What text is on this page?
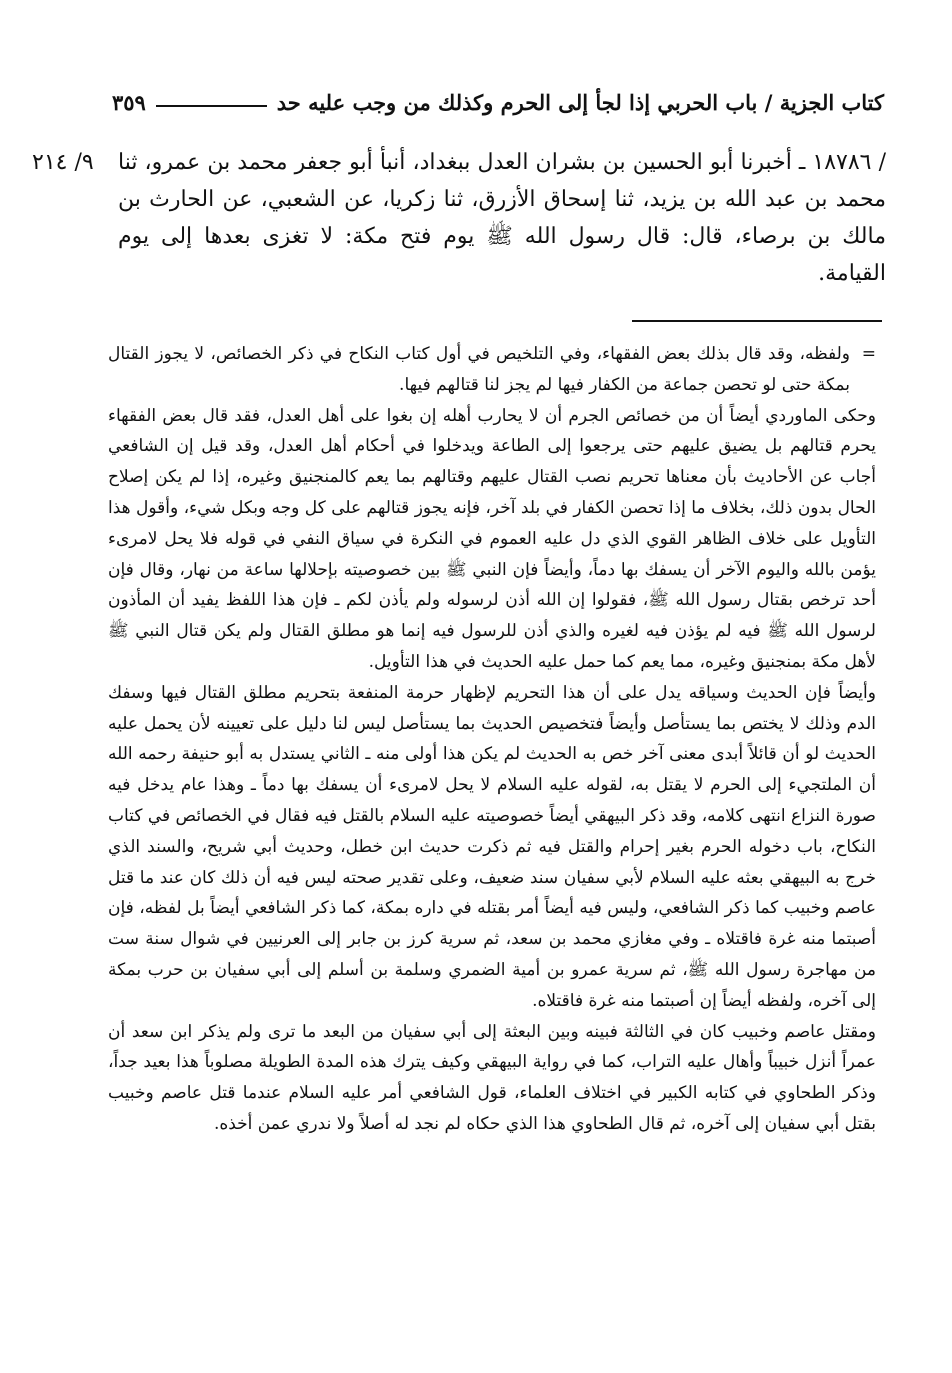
كتاب الجزية / باب الحربي إذا لجأ إلى الحرم وكذلك من وجب عليه حد
٣٥٩
٩/ ٢١٤	/ ١٨٧٨٦ ـ أخبرنا أبو الحسين بن بشران العدل ببغداد، أنبأ أبو جعفر محمد بن عمرو، ثنا محمد بن عبد الله بن يزيد، ثنا إسحاق الأزرق، ثنا زكريا، عن الشعبي، عن الحارث بن مالك بن برصاء، قال: قال رسول الله ﷺ يوم فتح مكة: لا تغزى بعدها إلى يوم القيامة.

=
ولفظه، وقد قال بذلك بعض الفقهاء، وفي التلخيص في أول كتاب النكاح في ذكر الخصائص، لا يجوز القتال بمكة حتى لو تحصن جماعة من الكفار فيها لم يجز لنا قتالهم فيها.

وحكى الماوردي أيضاً أن من خصائص الجرم أن لا يحارب أهله إن بغوا على أهل العدل، فقد قال بعض الفقهاء يحرم قتالهم بل يضيق عليهم حتى يرجعوا إلى الطاعة ويدخلوا في أحكام أهل العدل، وقد قيل إن الشافعي أجاب عن الأحاديث بأن معناها تحريم نصب القتال عليهم وقتالهم بما يعم كالمنجنيق وغيره، إذا لم يكن إصلاح الحال بدون ذلك، بخلاف ما إذا تحصن الكفار في بلد آخر، فإنه يجوز قتالهم على كل وجه وبكل شيء، وأقول هذا التأويل على خلاف الظاهر القوي الذي دل عليه العموم في النكرة في سياق النفي في قوله فلا يحل لامرىء يؤمن بالله واليوم الآخر أن يسفك بها دماً، وأيضاً فإن النبي ﷺ بين خصوصيته بإحلالها ساعة من نهار، وقال فإن أحد ترخص بقتال رسول الله ﷺ، فقولوا إن الله أذن لرسوله ولم يأذن لكم ـ فإن هذا اللفظ يفيد أن المأذون لرسول الله ﷺ فيه لم يؤذن فيه لغيره والذي أذن للرسول فيه إنما هو مطلق القتال ولم يكن قتال النبي ﷺ لأهل مكة بمنجنيق وغيره، مما يعم كما حمل عليه الحديث في هذا التأويل.

وأيضاً فإن الحديث وسياقه يدل على أن هذا التحريم لإظهار حرمة المنفعة بتحريم مطلق القتال فيها وسفك الدم وذلك لا يختص بما يستأصل وأيضاً فتخصيص الحديث بما يستأصل ليس لنا دليل على تعيينه لأن يحمل عليه الحديث لو أن قائلاً أبدى معنى آخر خص به الحديث لم يكن هذا أولى منه ـ الثاني يستدل به أبو حنيفة رحمه الله أن الملتجيء إلى الحرم لا يقتل به، لقوله عليه السلام لا يحل لامرىء أن يسفك بها دماً ـ وهذا عام يدخل فيه صورة النزاع انتهى كلامه، وقد ذكر البيهقي أيضاً خصوصيته عليه السلام بالقتل فيه فقال في الخصائص في كتاب النكاح، باب دخوله الحرم بغير إحرام والقتل فيه ثم ذكرت حديث ابن خطل، وحديث أبي شريح، والسند الذي خرج به البيهقي بعثه عليه السلام لأبي سفيان سند ضعيف، وعلى تقدير صحته ليس فيه أن ذلك كان عند ما قتل عاصم وخبيب كما ذكر الشافعي، وليس فيه أيضاً أمر بقتله في داره بمكة، كما ذكر الشافعي أيضاً بل لفظه، فإن أصبتما منه غرة فاقتلاه ـ وفي مغازي محمد بن سعد، ثم سرية كرز بن جابر إلى العرنيين في شوال سنة ست من مهاجرة رسول الله ﷺ، ثم سرية عمرو بن أمية الضمري وسلمة بن أسلم إلى أبي سفيان بن حرب بمكة إلى آخره، ولفظه أيضاً إن أصبتما منه غرة فاقتلاه.

ومقتل عاصم وخبيب كان في الثالثة فبينه وبين البعثة إلى أبي سفيان من البعد ما ترى ولم يذكر ابن سعد أن عمراً أنزل خبيباً وأهال عليه التراب، كما في رواية البيهقي وكيف يترك هذه المدة الطويلة مصلوباً هذا بعيد جداً، وذكر الطحاوي في كتابه الكبير في اختلاف العلماء، قول الشافعي أمر عليه السلام عندما قتل عاصم وخبيب بقتل أبي سفيان إلى آخره، ثم قال الطحاوي هذا الذي حكاه لم نجد له أصلاً ولا ندري عمن أخذه.
